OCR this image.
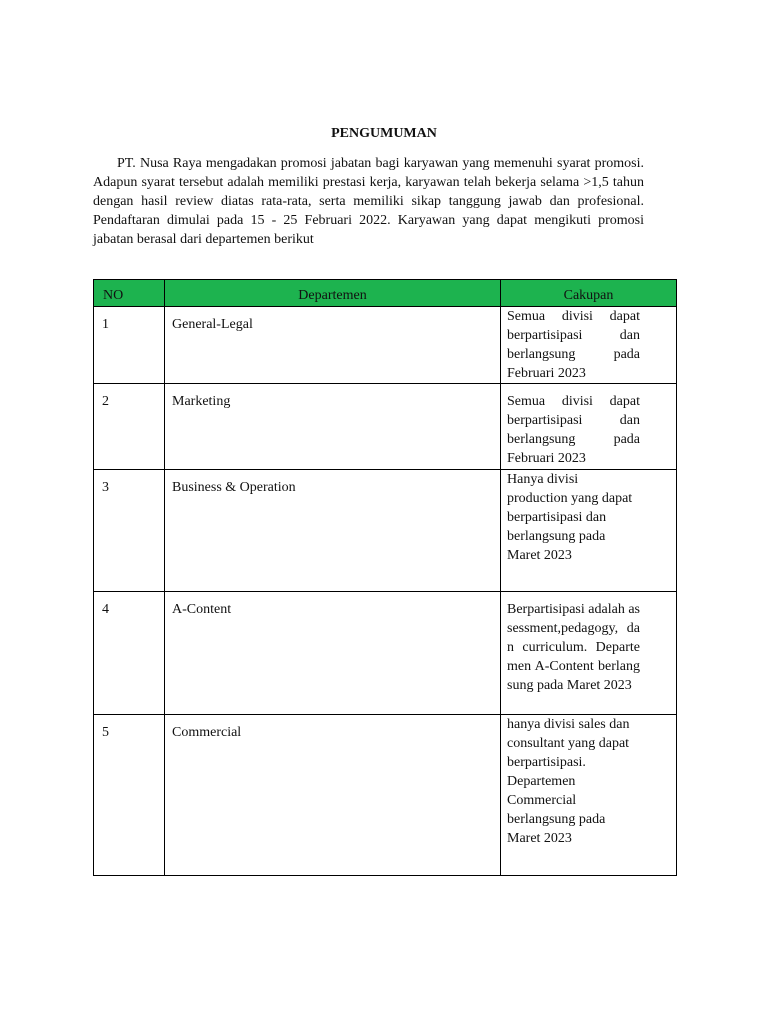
PENGUMUMAN

PT. Nusa Raya mengadakan promosi jabatan bagi karyawan yang memenuhi syarat promosi. Adapun syarat tersebut adalah memiliki prestasi kerja, karyawan telah bekerja selama >1,5 tahun dengan hasil review diatas rata-rata, serta memiliki sikap tanggung jawab dan profesional. Pendaftaran dimulai pada 15 - 25 Februari 2022. Karyawan yang dapat mengikuti promosi jabatan berasal dari departemen berikut

NO	Departemen	Cakupan
1	General-Legal	Semua divisi dapat berpartisipasi dan berlangsung pada Februari 2023
2	Marketing	Semua divisi dapat berpartisipasi dan berlangsung pada Februari 2023
3	Business & Operation	Hanya divisi production yang dapat berpartisipasi dan berlangsung pada Maret 2023
4	A-Content	Berpartisipasi adalah assessment,pedagogy, dan curriculum. Departemen A-Content berlangsung pada Maret 2023
5	Commercial	hanya divisi sales dan consultant yang dapat berpartisipasi. Departemen Commercial berlangsung pada Maret 2023
